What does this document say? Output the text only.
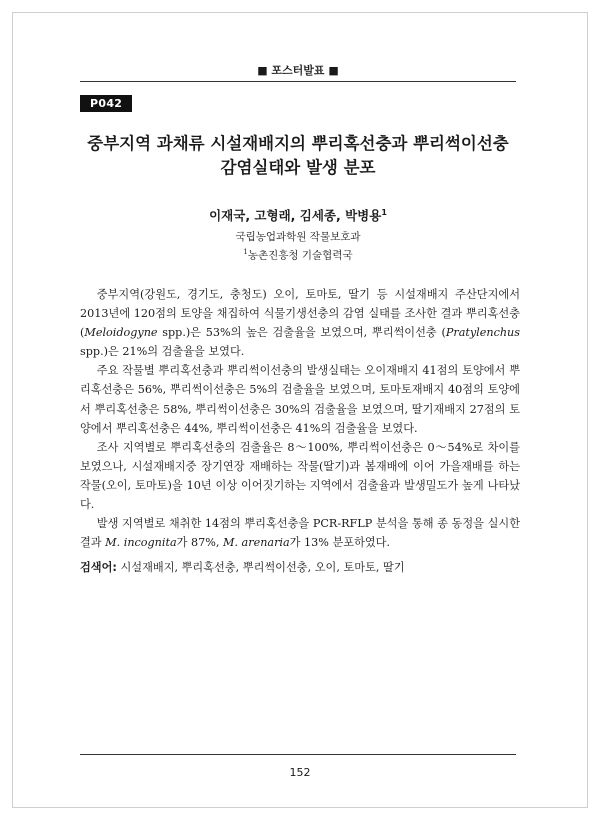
■ 포스터발표 ■
P042
중부지역 과채류 시설재배지의 뿌리혹선충과 뿌리썩이선충
감염실태와 발생 분포
이재국, 고형래, 김세종, 박병용$^1$
국립농업과학원 작물보호과
$^1$농촌진흥청 기술협력국

중부지역(강원도, 경기도, 충청도) 오이, 토마토, 딸기 등 시설재배지 주산단지에서 2013년에 120점의 토양을 채집하여 식물기생선충의 감염 실태를 조사한 결과 뿌리혹선충(Meloidogyne spp.)은 53%의 높은 검출율을 보였으며, 뿌리썩이선충 (Pratylenchus spp.)은 21%의 검출율을 보였다.

주요 작물별 뿌리혹선충과 뿌리썩이선충의 발생실태는 오이재배지 41점의 토양에서 뿌리혹선충은 56%, 뿌리썩이선충은 5%의 검출율을 보였으며, 토마토재배지 40점의 토양에서 뿌리혹선충은 58%, 뿌리썩이선충은 30%의 검출율을 보였으며, 딸기재배지 27점의 토양에서 뿌리혹선충은 44%, 뿌리썩이선충은 41%의 검출율을 보였다.

조사 지역별로 뿌리혹선충의 검출율은 8～100%, 뿌리썩이선충은 0～54%로 차이를 보였으나, 시설재배지중 장기연장 재배하는 작물(딸기)과 봄재배에 이어 가을재배를 하는 작물(오이, 토마토)을 10년 이상 이어짓기하는 지역에서 검출율과 발생밀도가 높게 나타났다.

발생 지역별로 채취한 14점의 뿌리혹선충을 PCR-RFLP 분석을 통해 종 동정을 실시한 결과 M. incognita가 87%, M. arenaria가 13% 분포하였다.

검색어: 시설재배지, 뿌리혹선충, 뿌리썩이선충, 오이, 토마토, 딸기
152
